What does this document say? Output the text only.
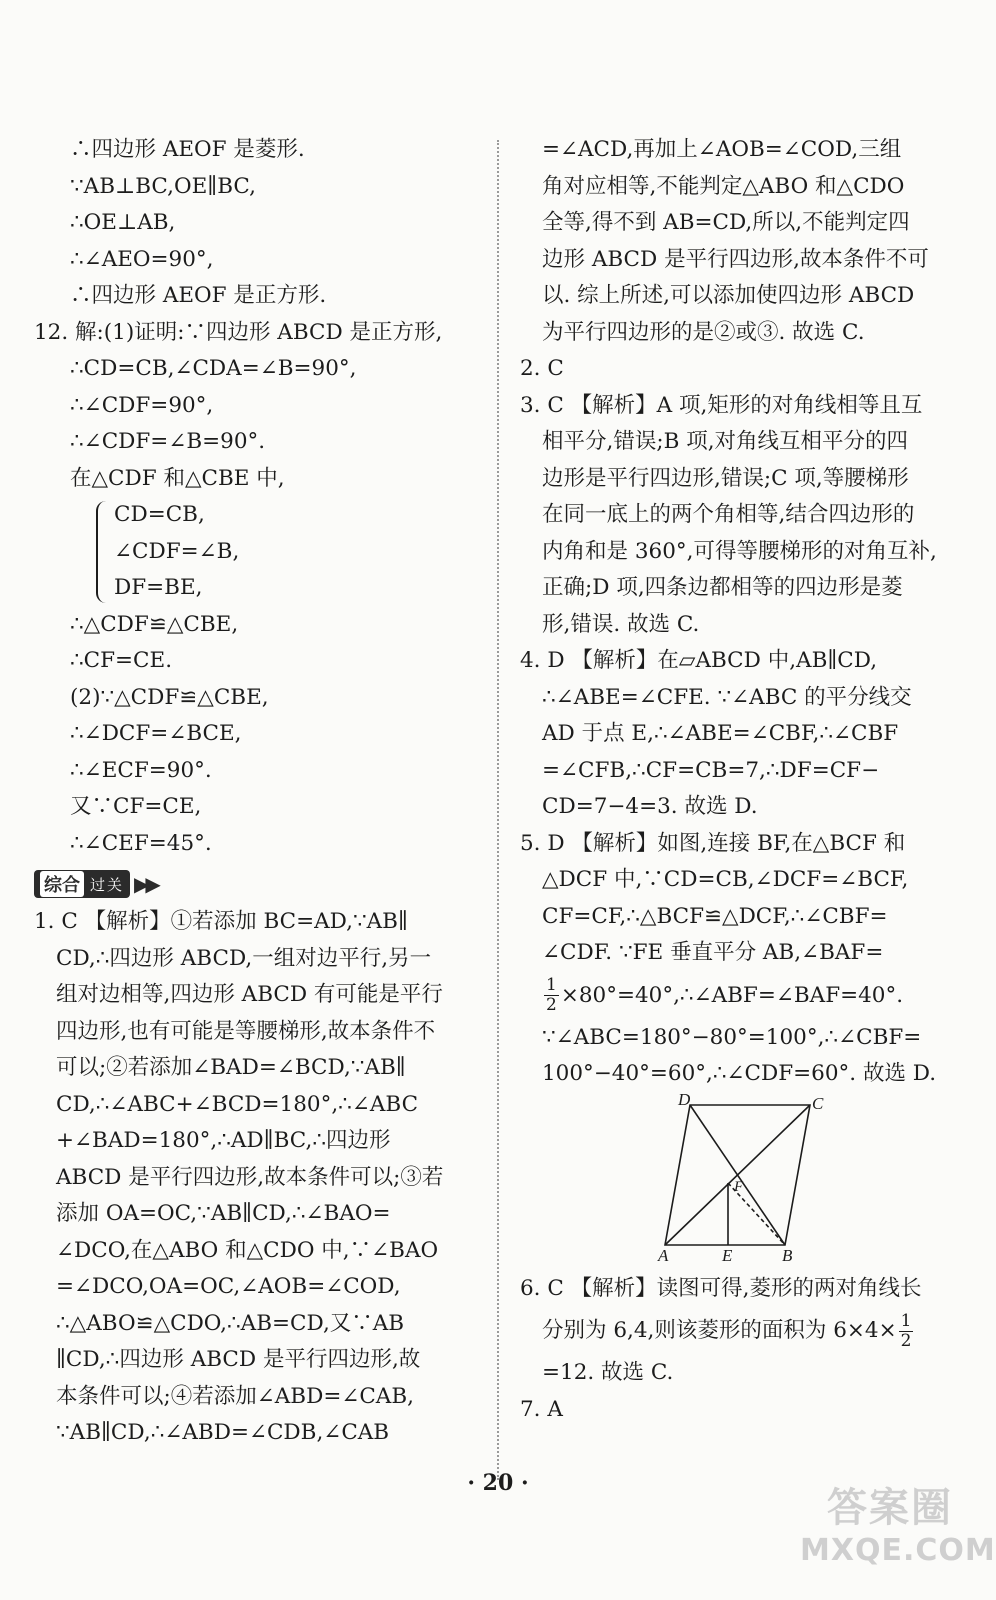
∴四边形 AEOF 是菱形.
∵AB⊥BC,OE∥BC,
∴OE⊥AB,
∴∠AEO=90°,
∴四边形 AEOF 是正方形.
12. 解:(1)证明:∵四边形 ABCD 是正方形,
∴CD=CB,∠CDA=∠B=90°,
∴∠CDF=90°,
∴∠CDF=∠B=90°.
在△CDF 和△CBE 中,
CD=CB,
∠CDF=∠B,
DF=BE,
∴△CDF≌△CBE,
∴CF=CE.
(2)∵△CDF≌△CBE,
∴∠DCF=∠BCE,
∴∠ECF=90°.
又∵CF=CE,
∴∠CEF=45°.
综合 过关 ▶▶
1. C 【解析】①若添加 BC=AD,∵AB∥
CD,∴四边形 ABCD,一组对边平行,另一
组对边相等,四边形 ABCD 有可能是平行
四边形,也有可能是等腰梯形,故本条件不
可以;②若添加∠BAD=∠BCD,∵AB∥
CD,∴∠ABC+∠BCD=180°,∴∠ABC
+∠BAD=180°,∴AD∥BC,∴四边形
ABCD 是平行四边形,故本条件可以;③若
添加 OA=OC,∵AB∥CD,∴∠BAO=
∠DCO,在△ABO 和△CDO 中,∵∠BAO
=∠DCO,OA=OC,∠AOB=∠COD,
∴△ABO≌△CDO,∴AB=CD,又∵AB
∥CD,∴四边形 ABCD 是平行四边形,故
本条件可以;④若添加∠ABD=∠CAB,
∵AB∥CD,∴∠ABD=∠CDB,∠CAB
=∠ACD,再加上∠AOB=∠COD,三组
角对应相等,不能判定△ABO 和△CDO
全等,得不到 AB=CD,所以,不能判定四
边形 ABCD 是平行四边形,故本条件不可
以. 综上所述,可以添加使四边形 ABCD
为平行四边形的是②或③. 故选 C.
2. C
3. C 【解析】A 项,矩形的对角线相等且互
相平分,错误;B 项,对角线互相平分的四
边形是平行四边形,错误;C 项,等腰梯形
在同一底上的两个角相等,结合四边形的
内角和是 360°,可得等腰梯形的对角互补,
正确;D 项,四条边都相等的四边形是菱
形,错误. 故选 C.
4. D 【解析】在▱ABCD 中,AB∥CD,
∴∠ABE=∠CFE. ∵∠ABC 的平分线交
AD 于点 E,∴∠ABE=∠CBF,∴∠CBF
=∠CFB,∴CF=CB=7,∴DF=CF−
CD=7−4=3. 故选 D.
5. D 【解析】如图,连接 BF,在△BCF 和
△DCF 中,∵CD=CB,∠DCF=∠BCF,
CF=CF,∴△BCF≌△DCF,∴∠CBF=
∠CDF. ∵FE 垂直平分 AB,∠BAF=
$\frac{1}{2}$ ×80°=40°,∴∠ABF=∠BAF=40°.
∵∠ABC=180°−80°=100°,∴∠CBF=
100°−40°=60°,∴∠CDF=60°. 故选 D.
D	C
F
A	E	B
6. C 【解析】读图可得,菱形的两对角线长
分别为 6,4,则该菱形的面积为 $6\times 4\times \frac{1}{2}$
=12. 故选 C.
7. A
· 20 ·
答案圈
MXQE.COM
